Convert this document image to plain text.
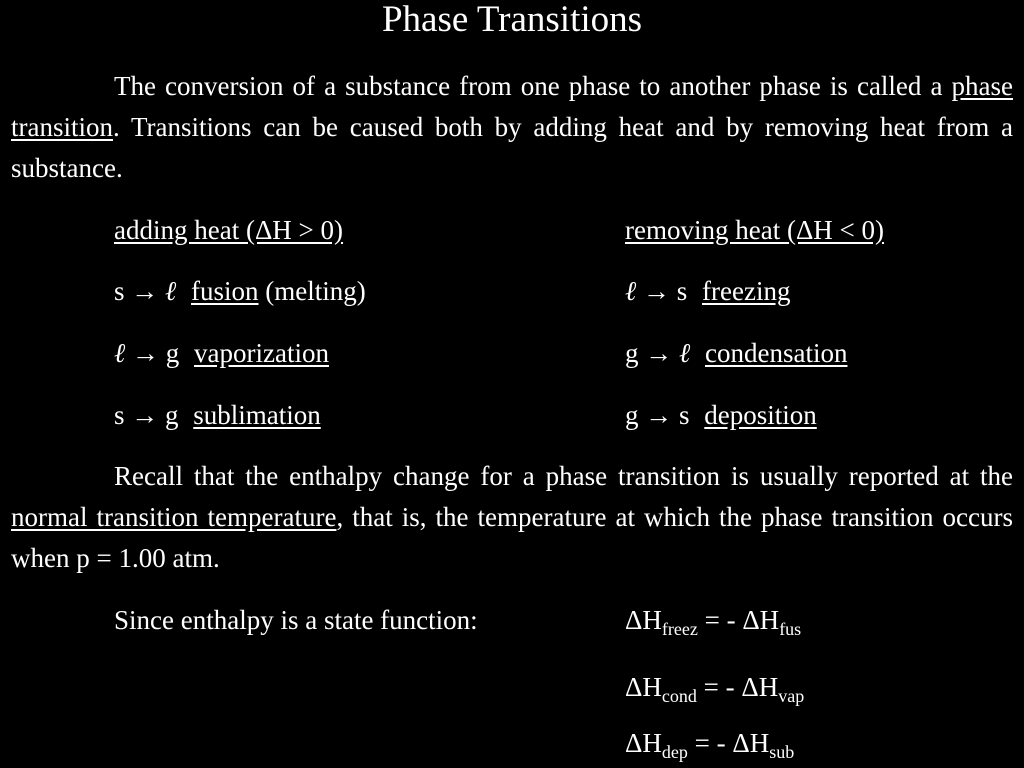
Phase Transitions
The conversion of a substance from one phase to another phase is called a phase transition. Transitions can be caused both by adding heat and by removing heat from a substance.
adding heat (ΔH > 0)	removing heat (ΔH < 0)
s → ℓ fusion (melting)	ℓ → s freezing
ℓ → g vaporization	g → ℓ condensation
s → g sublimation	g → s deposition
Recall that the enthalpy change for a phase transition is usually reported at the normal transition temperature, that is, the temperature at which the phase transition occurs when p = 1.00 atm.
Since enthalpy is a state function:	$\Delta H_{freez}$ = - $\Delta H_{fus}$
$\Delta H_{cond}$ = - $\Delta H_{vap}$
$\Delta H_{dep}$ = - $\Delta H_{sub}$
